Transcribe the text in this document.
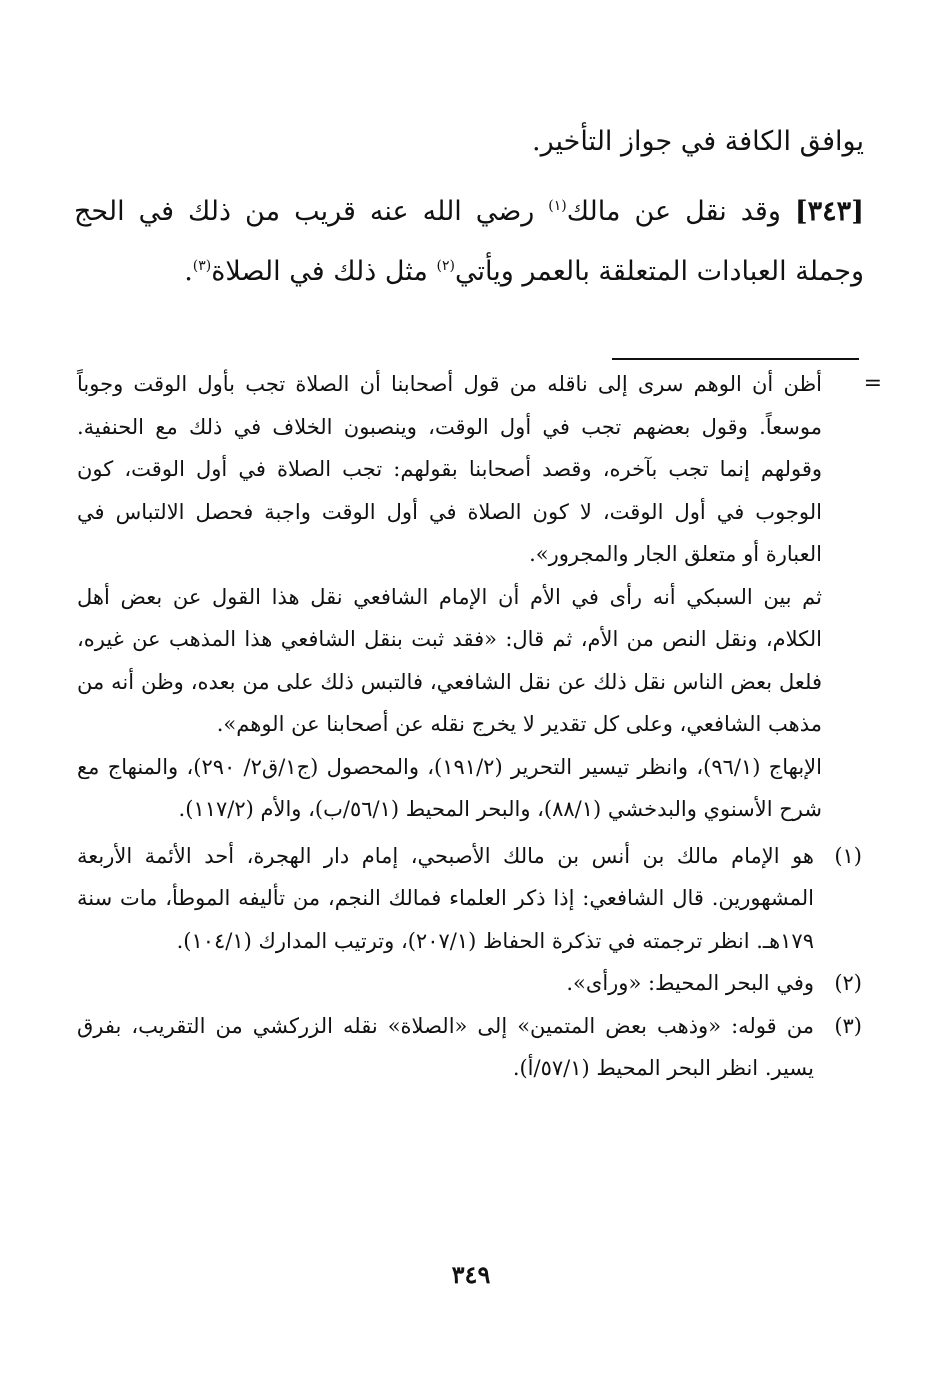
يوافق الكافة في جواز التأخير.

[٣٤٣] وقد نقل عن مالك$^{(١)}$ رضي الله عنه قريب من ذلك في الحج وجملة العبادات المتعلقة بالعمر ويأتي$^{(٢)}$ مثل ذلك في الصلاة$^{(٣)}$.

=
أظن أن الوهم سرى إلى ناقله من قول أصحابنا أن الصلاة تجب بأول الوقت وجوباً موسعاً. وقول بعضهم تجب في أول الوقت، وينصبون الخلاف في ذلك مع الحنفية. وقولهم إنما تجب بآخره، وقصد أصحابنا بقولهم: تجب الصلاة في أول الوقت، كون الوجوب في أول الوقت، لا كون الصلاة في أول الوقت واجبة فحصل الالتباس في العبارة أو متعلق الجار والمجرور».

ثم بين السبكي أنه رأى في الأم أن الإمام الشافعي نقل هذا القول عن بعض أهل الكلام، ونقل النص من الأم، ثم قال: «فقد ثبت بنقل الشافعي هذا المذهب عن غيره، فلعل بعض الناس نقل ذلك عن نقل الشافعي، فالتبس ذلك على من بعده، وظن أنه من مذهب الشافعي، وعلى كل تقدير لا يخرج نقله عن أصحابنا عن الوهم».

الإبهاج (٩٦/١)، وانظر تيسير التحرير (١٩١/٢)، والمحصول (ج١/ق٢/ ٢٩٠)، والمنهاج مع شرح الأسنوي والبدخشي (٨٨/١)، والبحر المحيط (٥٦/١/ب)، والأم (١١٧/٢).

(١)
هو الإمام مالك بن أنس بن مالك الأصبحي، إمام دار الهجرة، أحد الأئمة الأربعة المشهورين. قال الشافعي: إذا ذكر العلماء فمالك النجم، من تأليفه الموطأ، مات سنة ١٧٩هـ. انظر ترجمته في تذكرة الحفاظ (٢٠٧/١)، وترتيب المدارك (١٠٤/١).

(٢)
وفي البحر المحيط: «ورأى».

(٣)
من قوله: «وذهب بعض المتمين» إلى «الصلاة» نقله الزركشي من التقريب، بفرق يسير. انظر البحر المحيط (٥٧/١/أ).

٣٤٩
